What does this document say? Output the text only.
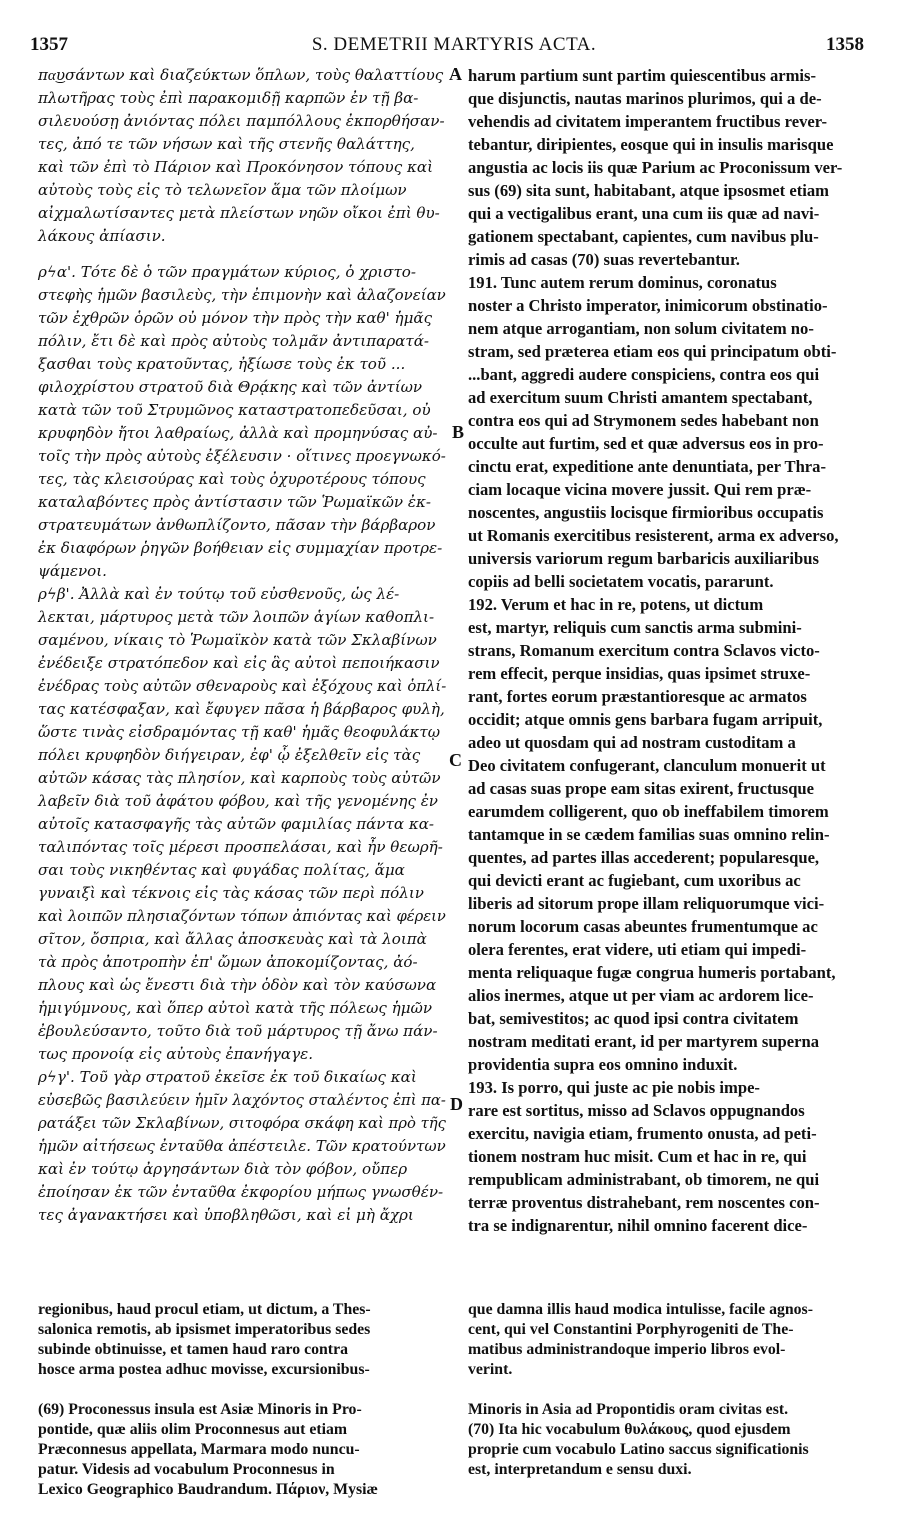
1357	S. DEMETRII MARTYRIS ACTA.	1358
πα͜υσάντων καὶ διαζεύκτων ὅπλων, τοὺς θαλαττίους
πλωτῆρας τοὺς ἐπὶ παρακομιδῇ καρπῶν ἐν τῇ βα-
σιλευούσῃ ἀνιόντας πόλει παμπόλλους ἐκπορθήσαν-
τες, ἀπό τε τῶν νήσων καὶ τῆς στενῆς θαλάττης,
καὶ τῶν ἐπὶ τὸ Πάριον καὶ Προκόνησον τόπους καὶ
αὐτοὺς τοὺς εἰς τὸ τελωνεῖον ἅμα τῶν πλοίμων
αἰχμαλωτίσαντες μετὰ πλείστων νηῶν οἴκοι ἐπὶ θυ-
λάκους ἀπίασιν.
ρϟα'. Τότε δὲ ὁ τῶν πραγμάτων κύριος, ὁ χριστο-
στεφὴς ἡμῶν βασιλεὺς, τὴν ἐπιμονὴν καὶ ἀλαζονείαν
τῶν ἐχθρῶν ὁρῶν οὐ μόνον τὴν πρὸς τὴν καθ' ἡμᾶς
πόλιν, ἔτι δὲ καὶ πρὸς αὐτοὺς τολμᾶν ἀντιπαρατά-
ξασθαι τοὺς κρατοῦντας, ἠξίωσε τοὺς ἐκ τοῦ ...
φιλοχρίστου στρατοῦ διὰ Θρᾴκης καὶ τῶν ἀντίων
κατὰ τῶν τοῦ Στρυμῶνος καταστρατοπεδεῦσαι, οὐ
κρυφηδὸν ἤτοι λαθραίως, ἀλλὰ καὶ προμηνύσας αὐ-
τοῖς τὴν πρὸς αὐτοὺς ἐξέλευσιν · οἵτινες προεγνωκό-
τες, τὰς κλεισούρας καὶ τοὺς ὀχυροτέρους τόπους
καταλαβόντες πρὸς ἀντίστασιν τῶν Ῥωμαϊκῶν ἐκ-
στρατευμάτων ἀνθωπλίζοντο, πᾶσαν τὴν βάρβαρον
ἐκ διαφόρων ῥηγῶν βοήθειαν εἰς συμμαχίαν προτρε-
ψάμενοι.
ρϟβ'. Ἀλλὰ καὶ ἐν τούτῳ τοῦ εὐσθενοῦς, ὡς λέ-
λεκται, μάρτυρος μετὰ τῶν λοιπῶν ἁγίων καθοπλι-
σαμένου, νίκαις τὸ Ῥωμαϊκὸν κατὰ τῶν Σκλαβίνων
ἐνέδειξε στρατόπεδον καὶ εἰς ἃς αὐτοὶ πεποιήκασιν
ἐνέδρας τοὺς αὐτῶν σθεναροὺς καὶ ἐξόχους καὶ ὁπλί-
τας κατέσφαξαν, καὶ ἔφυγεν πᾶσα ἡ βάρβαρος φυλὴ,
ὥστε τινὰς εἰσδραμόντας τῇ καθ' ἡμᾶς θεοφυλάκτῳ
πόλει κρυφηδὸν διήγειραν, ἐφ' ᾧ ἐξελθεῖν εἰς τὰς
αὐτῶν κάσας τὰς πλησίον, καὶ καρποὺς τοὺς αὐτῶν
λαβεῖν διὰ τοῦ ἀφάτου φόβου, καὶ τῆς γενομένης ἐν
αὐτοῖς κατασφαγῆς τὰς αὐτῶν φαμιλίας πάντα κα-
ταλιπόντας τοῖς μέρεσι προσπελάσαι, καὶ ἦν θεωρῆ-
σαι τοὺς νικηθέντας καὶ φυγάδας πολίτας, ἅμα
γυναιξὶ καὶ τέκνοις εἰς τὰς κάσας τῶν περὶ πόλιν
καὶ λοιπῶν πλησιαζόντων τόπων ἀπιόντας καὶ φέρειν
σῖτον, ὄσπρια, καὶ ἄλλας ἀποσκευὰς καὶ τὰ λοιπὰ
τὰ πρὸς ἀποτροπὴν ἐπ' ὤμων ἀποκομίζοντας, ἀό-
πλους καὶ ὡς ἔνεστι διὰ τὴν ὁδὸν καὶ τὸν καύσωνα
ἡμιγύμνους, καὶ ὅπερ αὐτοὶ κατὰ τῆς πόλεως ἡμῶν
ἐβουλεύσαντο, τοῦτο διὰ τοῦ μάρτυρος τῇ ἄνω πάν-
τως προνοίᾳ εἰς αὐτοὺς ἐπανήγαγε.
ρϟγ'. Τοῦ γὰρ στρατοῦ ἐκεῖσε ἐκ τοῦ δικαίως καὶ
εὐσεβῶς βασιλεύειν ἡμῖν λαχόντος σταλέντος ἐπὶ πα-
ρατάξει τῶν Σκλαβίνων, σιτοφόρα σκάφη καὶ πρὸ τῆς
ἡμῶν αἰτήσεως ἐνταῦθα ἀπέστειλε. Τῶν κρατούντων
καὶ ἐν τούτῳ ἀργησάντων διὰ τὸν φόβον, οὔπερ
ἐποίησαν ἐκ τῶν ἐνταῦθα ἐκφορίου μήπως γνωσθέν-
τες ἀγανακτήσει καὶ ὑποβληθῶσι, καὶ εἰ μὴ ἄχρι
harum partium sunt partim quiescentibus armis-
que disjunctis, nautas marinos plurimos, qui a de-
vehendis ad civitatem imperantem fructibus rever-
tebantur, diripientes, eosque qui in insulis marisque
angustia ac locis iis quæ Parium ac Proconissum ver-
sus (69) sita sunt, habitabant, atque ipsosmet etiam
qui a vectigalibus erant, una cum iis quæ ad navi-
gationem spectabant, capientes, cum navibus plu-
rimis ad casas (70) suas revertebantur.
191. Tunc autem rerum dominus, coronatus
noster a Christo imperator, inimicorum obstinatio-
nem atque arrogantiam, non solum civitatem no-
stram, sed præterea etiam eos qui principatum obti-
...bant, aggredi audere conspiciens, contra eos qui
ad exercitum suum Christi amantem spectabant,
contra eos qui ad Strymonem sedes habebant non
occulte aut furtim, sed et quæ adversus eos in pro-
cinctu erat, expeditione ante denuntiata, per Thra-
ciam locaque vicina movere jussit. Qui rem præ-
noscentes, angustiis locisque firmioribus occupatis
ut Romanis exercitibus resisterent, arma ex adverso,
universis variorum regum barbaricis auxiliaribus
copiis ad belli societatem vocatis, pararunt.
192. Verum et hac in re, potens, ut dictum
est, martyr, reliquis cum sanctis arma submini-
strans, Romanum exercitum contra Sclavos victo-
rem effecit, perque insidias, quas ipsimet struxe-
rant, fortes eorum præstantioresque ac armatos
occidit; atque omnis gens barbara fugam arripuit,
adeo ut quosdam qui ad nostram custoditam a
Deo civitatem confugerant, clanculum monuerit ut
ad casas suas prope eam sitas exirent, fructusque
earumdem colligerent, quo ob ineffabilem timorem
tantamque in se cædem familias suas omnino relin-
quentes, ad partes illas accederent; popularesque,
qui devicti erant ac fugiebant, cum uxoribus ac
liberis ad sitorum prope illam reliquorumque vici-
norum locorum casas abeuntes frumentumque ac
olera ferentes, erat videre, uti etiam qui impedi-
menta reliquaque fugæ congrua humeris portabant,
alios inermes, atque ut per viam ac ardorem lice-
bat, semivestitos; ac quod ipsi contra civitatem
nostram meditati erant, id per martyrem superna
providentia supra eos omnino induxit.
193. Is porro, qui juste ac pie nobis impe-
rare est sortitus, misso ad Sclavos oppugnandos
exercitu, navigia etiam, frumento onusta, ad peti-
tionem nostram huc misit. Cum et hac in re, qui
rempublicam administrabant, ob timorem, ne qui
terræ proventus distrahebant, rem noscentes con-
tra se indignarentur, nihil omnino facerent dice-
A
B
C
D
regionibus, haud procul etiam, ut dictum, a Thes-
salonica remotis, ab ipsismet imperatoribus sedes
subinde obtinuisse, et tamen haud raro contra
hosce arma postea adhuc movisse, excursionibus-
(69) Proconessus insula est Asiæ Minoris in Pro-
pontide, quæ aliis olim Proconnesus aut etiam
Præconnesus appellata, Marmara modo nuncu-
patur. Videsis ad vocabulum Proconnesus in
Lexico Geographico Baudrandum. Πάριον, Mysiæ
que damna illis haud modica intulisse, facile agnos-
cent, qui vel Constantini Porphyrogeniti de The-
matibus administrandoque imperio libros evol-
verint.
Minoris in Asia ad Propontidis oram civitas est.
(70) Ita hic vocabulum θυλάκους, quod ejusdem
proprie cum vocabulo Latino saccus significationis
est, interpretandum e sensu duxi.
